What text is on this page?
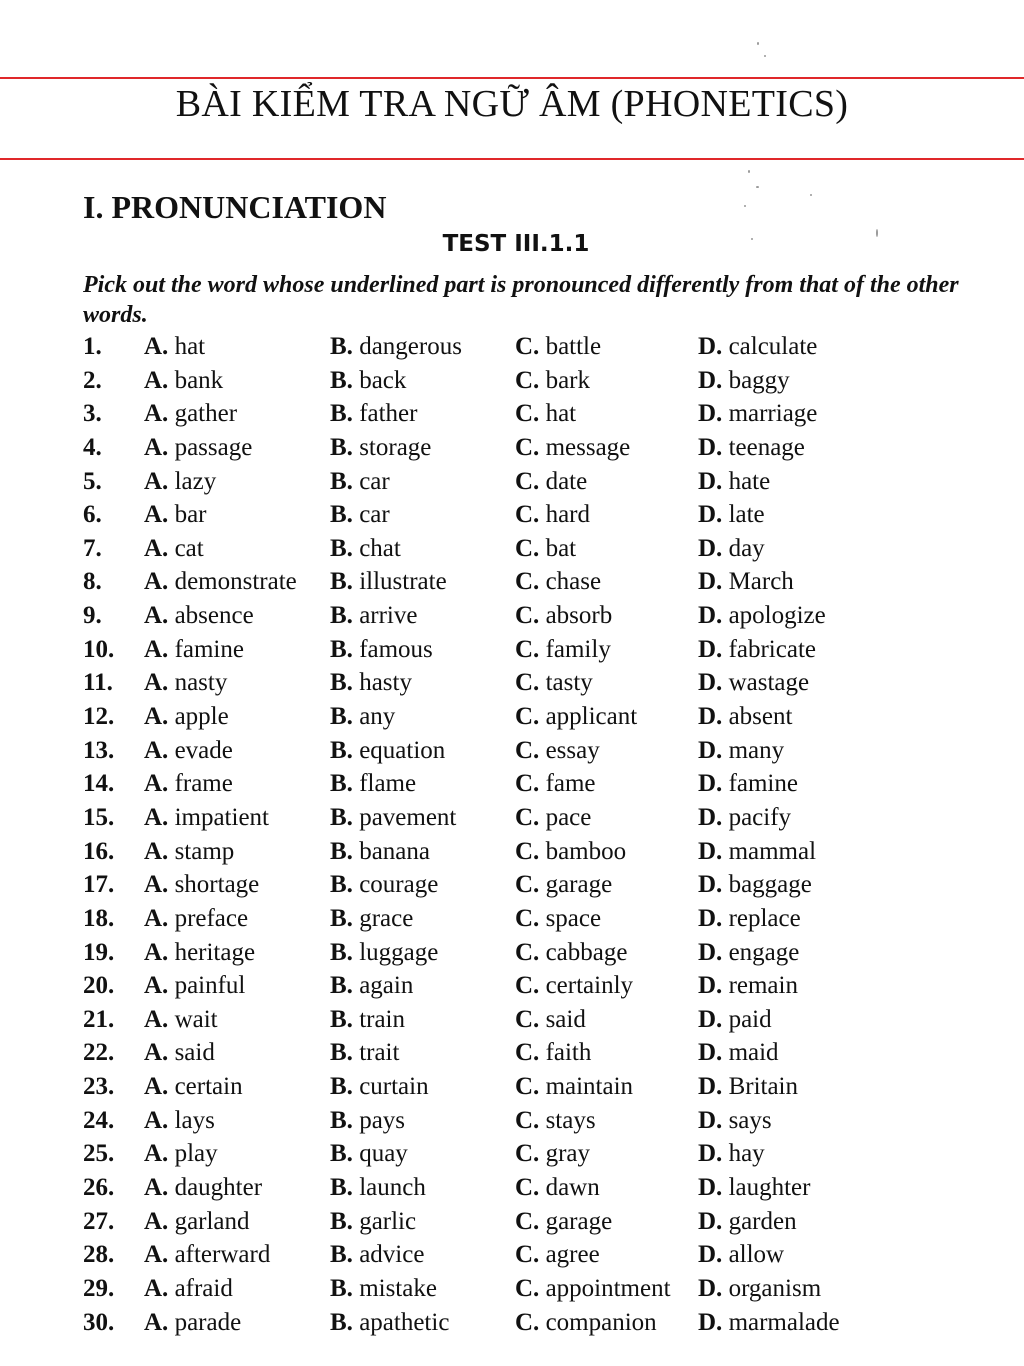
BÀI KIỂM TRA NGỮ ÂM (PHONETICS)
I. PRONUNCIATION
TEST III.1.1
Pick out the word whose underlined part is pronounced differently from that of the other words.
1. A. hat	B. dangerous C. battle	D. calculate
2. A. bank	B. back	C. bark	D. baggy
3. A. gather	B. father	C. hat	D. marriage
4. A. passage	B. storage	C. message	D. teenage
5. A. lazy	B. car	C. date	D. hate
6. A. bar	B. car	C. hard	D. late
7. A. cat	B. chat	C. bat	D. day
8. A. demonstrate B. illustrate	C. chase	D. March
9. A. absence	B. arrive	C. absorb	D. apologize
10. A. famine	B. famous	C. family	D. fabricate
11. A. nasty	B. hasty	C. tasty	D. wastage
12. A. apple	B. any	C. applicant D. absent
13. A. evade	B. equation	C. essay	D. many
14. A. frame	B. flame	C. fame	D. famine
15. A. impatient B. pavement C. pace	D. pacify
16. A. stamp	B. banana	C. bamboo	D. mammal
17. A. shortage	B. courage	C. garage	D. baggage
18. A. preface	B. grace	C. space	D. replace
19. A. heritage	B. luggage	C. cabbage	D. engage
20. A. painful	B. again	C. certainly	D. remain
21. A. wait	B. train	C. said	D. paid
22. A. said	B. trait	C. faith	D. maid
23. A. certain	B. curtain	C. maintain	D. Britain
24. A. lays	B. pays	C. stays	D. says
25. A. play	B. quay	C. gray	D. hay
26. A. daughter	B. launch	C. dawn	D. laughter
27. A. garland	B. garlic	C. garage	D. garden
28. A. afterward B. advice	C. agree	D. allow
29. A. afraid	B. mistake	C. appointment D. organism
30. A. parade	B. apathetic	C. companion D. marmalade
